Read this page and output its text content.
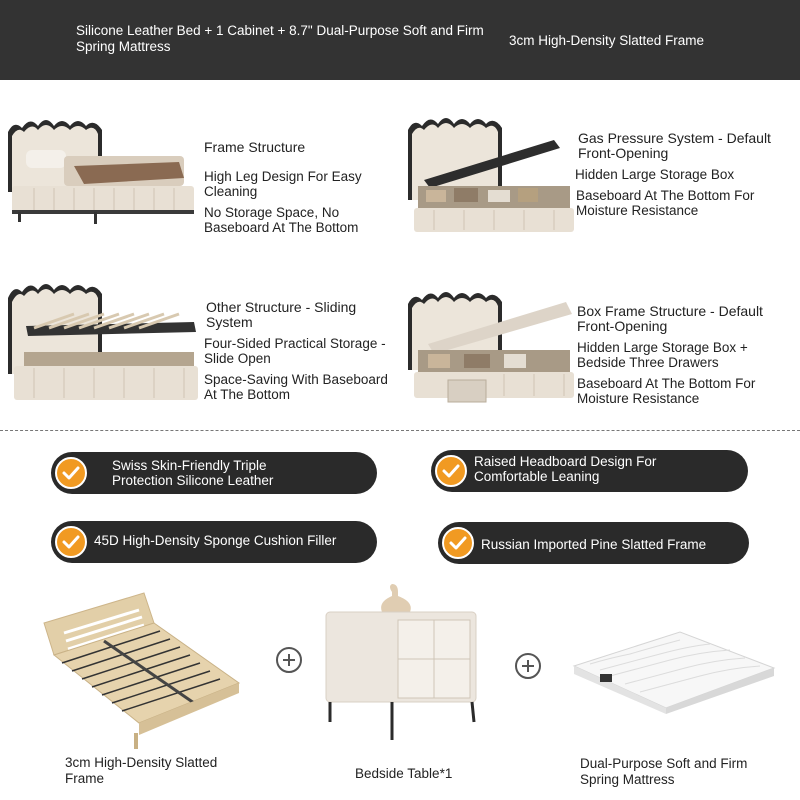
Silicone Leather Bed + 1 Cabinet + 8.7" Dual-Purpose Soft and Firm Spring Mattress	3cm High-Density Slatted Frame

Frame Structure

High Leg Design For Easy Cleaning

No Storage Space, No Baseboard At The Bottom

Gas Pressure System - Default Front-Opening

Hidden Large Storage Box

Baseboard At The Bottom For Moisture Resistance

Other Structure - Sliding System

Four-Sided Practical Storage - Slide Open

Space-Saving With Baseboard At The Bottom

Box Frame Structure - Default Front-Opening

Hidden Large Storage Box + Bedside Three Drawers

Baseboard At The Bottom For Moisture Resistance

Swiss Skin-Friendly Triple Protection Silicone Leather
Raised Headboard Design For Comfortable Leaning
45D High-Density Sponge Cushion Filler	Russian Imported Pine Slatted Frame
3cm High-Density Slatted Frame	Bedside Table*1
Dual-Purpose Soft and Firm Spring Mattress
